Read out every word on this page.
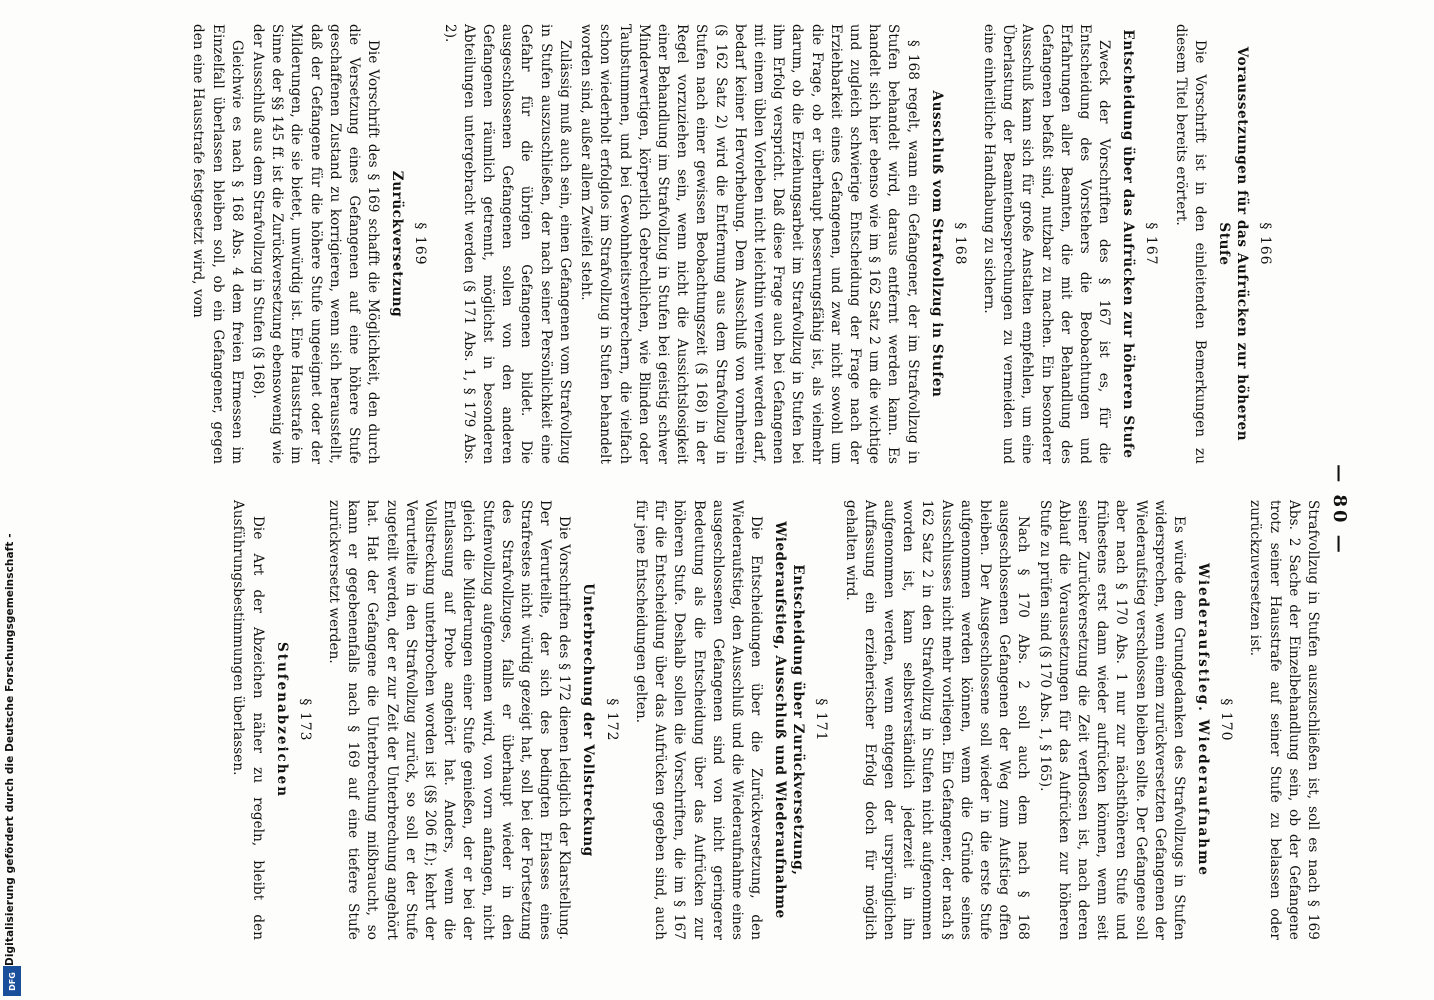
Strafvollzug in Stufen auszuschließen ist, soll es nach § 169 Abs. 2 Sache der Einzelbehandlung sein, ob der Gefangene trotz seiner Hausstrafe auf seiner Stufe zu belassen oder zurückzuversetzen ist.

§ 170
Wiederaufstieg. Wiederaufnahme

Es würde dem Grundgedanken des Strafvollzugs in Stufen widersprechen, wenn einem zurückversetzten Gefangenen der Wiederaufstieg verschlossen bleiben sollte. Der Gefangene soll aber nach § 170 Abs. 1 nur zur nächsthöheren Stufe und frühestens erst dann wieder aufrücken können, wenn seit seiner Zurückversetzung die Zeit verflossen ist, nach deren Ablauf die Voraussetzungen für das Aufrücken zur höheren Stufe zu prüfen sind (§ 170 Abs. 1, § 165).

Nach § 170 Abs. 2 soll auch dem nach § 168 ausgeschlossenen Gefangenen der Weg zum Aufstieg offen bleiben. Der Ausgeschlossene soll wieder in die erste Stufe aufgenommen werden können, wenn die Gründe seines Ausschlusses nicht mehr vorliegen. Ein Gefangener, der nach § 162 Satz 2 in den Strafvollzug in Stufen nicht aufgenommen worden ist, kann selbstverständlich jederzeit in ihn aufgenommen werden, wenn entgegen der ursprünglichen Auffassung ein erzieherischer Erfolg doch für möglich gehalten wird.

§ 171
Entscheidung über Zurückversetzung, Wiederaufstieg, Ausschluß und Wiederaufnahme

Die Entscheidungen über die Zurückversetzung, den Wiederaufstieg, den Ausschluß und die Wiederaufnahme eines ausgeschlossenen Gefangenen sind von nicht geringerer Bedeutung als die Entscheidung über das Aufrücken zur höheren Stufe. Deshalb sollen die Vorschriften, die im § 167 für die Entscheidung über das Aufrücken gegeben sind, auch für jene Entscheidungen gelten.

§ 172
Unterbrechung der Vollstreckung

Die Vorschriften des § 172 dienen lediglich der Klarstellung. Der Verurteilte, der sich des bedingten Erlasses eines Strafrestes nicht würdig gezeigt hat, soll bei der Fortsetzung des Strafvollzuges, falls er überhaupt wieder in den Stufenvollzug aufgenommen wird, von vorn anfangen, nicht gleich die Milderungen einer Stufe genießen, der er bei der Entlassung auf Probe angehört hat. Anders, wenn die Vollstreckung unterbrochen worden ist (§§ 206 ff.); kehrt der Verurteilte in den Strafvollzug zurück, so soll er der Stufe zugeteilt werden, der er zur Zeit der Unterbrechung angehört hat. Hat der Gefangene die Unterbrechung mißbraucht, so kann er gegebenenfalls nach § 169 auf eine tiefere Stufe zurückversetzt werden.

§ 173
Stufenabzeichen

Die Art der Abzeichen näher zu regeln, bleibt den Ausführungsbestimmungen überlassen.	— 80 —
§ 166
Voraussetzungen für das Aufrücken zur höheren Stufe

Die Vorschrift ist in den einleitenden Bemerkungen zu diesem Titel bereits erörtert.

§ 167
Entscheidung über das Aufrücken zur höheren Stufe

Zweck der Vorschriften des § 167 ist es, für die Entscheidung des Vorstehers die Beobachtungen und Erfahrungen aller Beamten, die mit der Behandlung des Gefangenen befaßt sind, nutzbar zu machen. Ein besonderer Ausschuß kann sich für große Anstalten empfehlen, um eine Überlastung der Beamtenbesprechungen zu vermeiden und eine einheitliche Handhabung zu sichern.

§ 168
Ausschluß vom Strafvollzug in Stufen

§ 168 regelt, wann ein Gefangener, der im Strafvollzug in Stufen behandelt wird, daraus entfernt werden kann. Es handelt sich hier ebenso wie im § 162 Satz 2 um die wichtige und zugleich schwierige Entscheidung der Frage nach der Erziehbarkeit eines Gefangenen, und zwar nicht sowohl um die Frage, ob er überhaupt besserungsfähig ist, als vielmehr darum, ob die Erziehungsarbeit im Strafvollzug in Stufen bei ihm Erfolg verspricht. Daß diese Frage auch bei Gefangenen mit einem üblen Vorleben nicht leichthin verneint werden darf, bedarf keiner Hervorhebung. Dem Ausschluß von vornherein (§ 162 Satz 2) wird die Entfernung aus dem Strafvollzug in Stufen nach einer gewissen Beobachtungszeit (§ 168) in der Regel vorzuziehen sein, wenn nicht die Aussichtslosigkeit einer Behandlung im Strafvollzug in Stufen bei geistig schwer Minderwertigen, körperlich Gebrechlichen, wie Blinden oder Taubstummen, und bei Gewohnheitsverbrechern, die vielfach schon wiederholt erfolglos im Strafvollzug in Stufen behandelt worden sind, außer allem Zweifel steht.

Zulässig muß auch sein, einen Gefangenen vom Strafvollzug in Stufen auszuschließen, der nach seiner Persönlichkeit eine Gefahr für die übrigen Gefangenen bildet. Die ausgeschlossenen Gefangenen sollen von den anderen Gefangenen räumlich getrennt, möglichst in besonderen Abteilungen untergebracht werden (§ 171 Abs. 1, § 179 Abs. 2).

§ 169
Zurückversetzung

Die Vorschrift des § 169 schafft die Möglichkeit, den durch die Versetzung eines Gefangenen auf eine höhere Stufe geschaffenen Zustand zu korrigieren, wenn sich herausstellt, daß der Gefangene für die höhere Stufe ungeeignet oder der Milderungen, die sie bietet, unwürdig ist. Eine Hausstrafe im Sinne der §§ 145 ff. ist die Zurückversetzung ebensowenig wie der Ausschluß aus dem Strafvollzug in Stufen (§ 168).

Gleichwie es nach § 168 Abs. 4 dem freien Ermessen im Einzelfall überlassen bleiben soll, ob ein Gefangener, gegen den eine Hausstrafe festgesetzt wird, vom

Digitalisierung gefördert durch die Deutsche Forschungsgemeinschaft -
DFG
